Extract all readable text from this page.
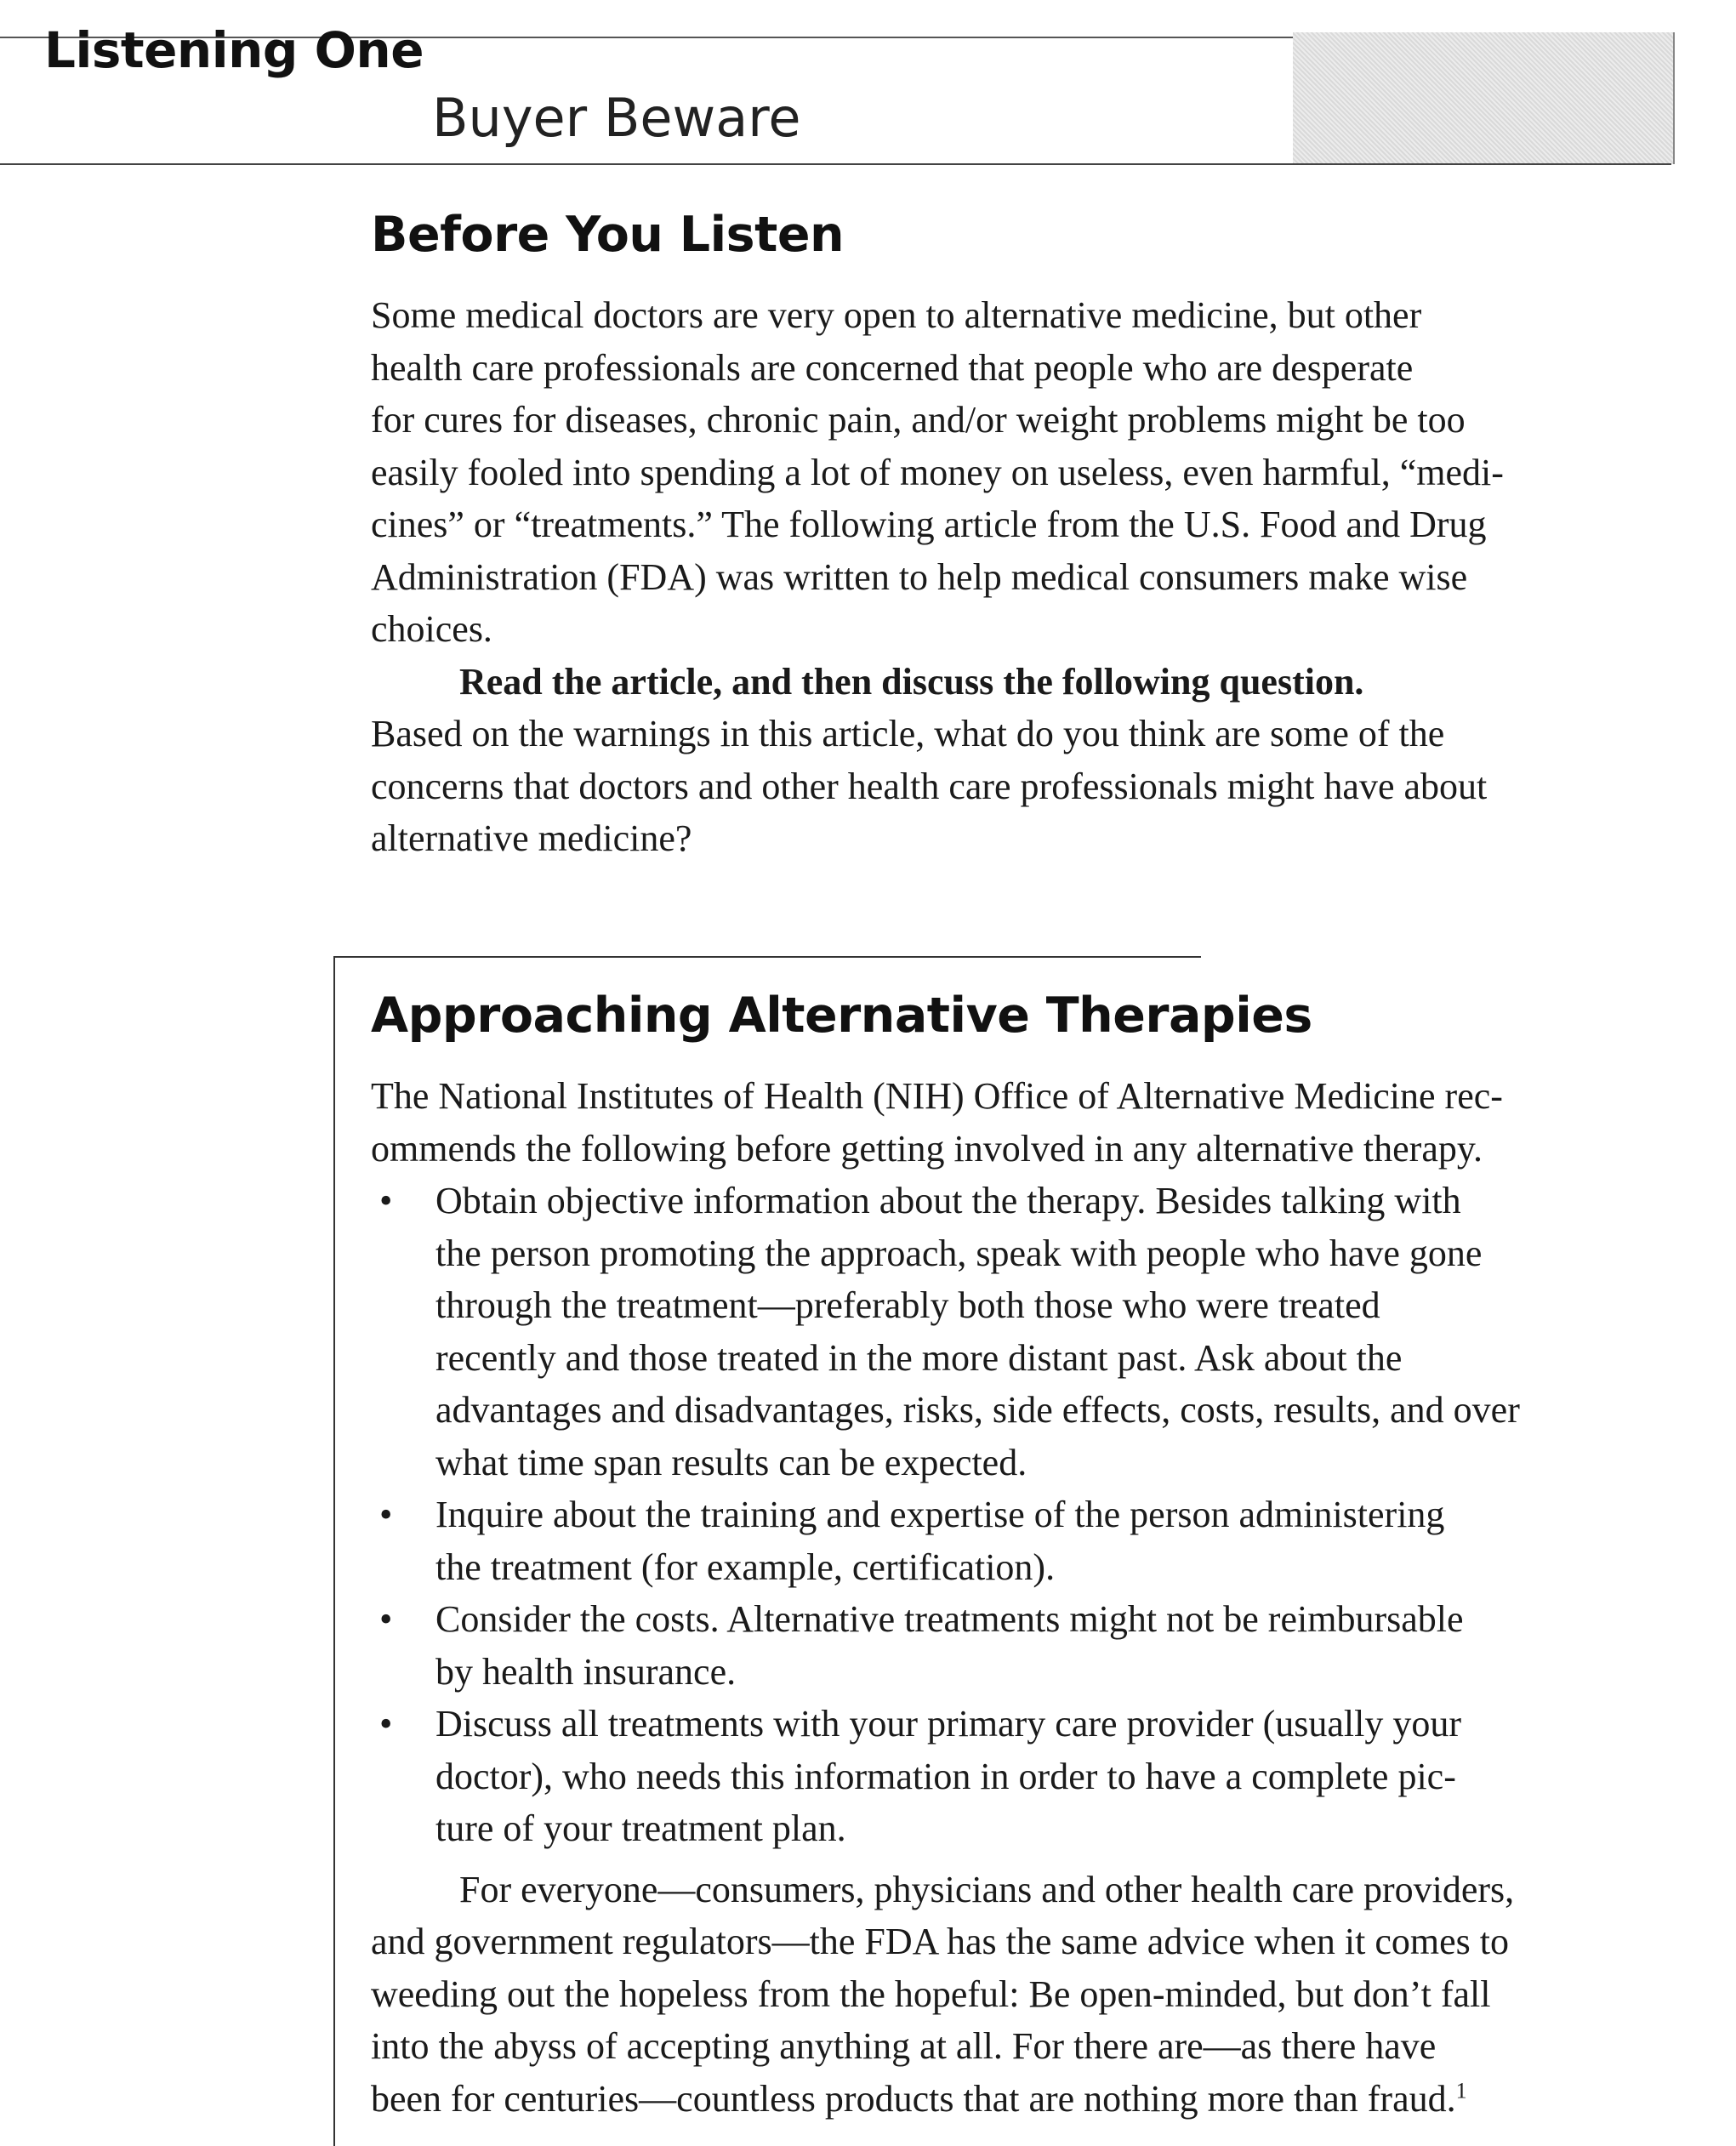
Listening One
Buyer Beware
Before You Listen

Some medical doctors are very open to alternative medicine, but other
health care professionals are concerned that people who are desperate
for cures for diseases, chronic pain, and/or weight problems might be too
easily fooled into spending a lot of money on useless, even harmful, “medi-
cines” or “treatments.” The following article from the U.S. Food and Drug
Administration (FDA) was written to help medical consumers make wise
choices.

Read the article, and then discuss the following question.

Based on the warnings in this article, what do you think are some of the
concerns that doctors and other health care professionals might have about
alternative medicine?

Approaching Alternative Therapies

The National Institutes of Health (NIH) Office of Alternative Medicine rec-
ommends the following before getting involved in any alternative therapy.

• Obtain objective information about the therapy. Besides talking with
the person promoting the approach, speak with people who have gone
through the treatment—preferably both those who were treated
recently and those treated in the more distant past. Ask about the
advantages and disadvantages, risks, side effects, costs, results, and over
what time span results can be expected.
• Inquire about the training and expertise of the person administering
the treatment (for example, certification).
• Consider the costs. Alternative treatments might not be reimbursable
by health insurance.
• Discuss all treatments with your primary care provider (usually your
doctor), who needs this information in order to have a complete pic-
ture of your treatment plan.

For everyone—consumers, physicians and other health care providers,
and government regulators—the FDA has the same advice when it comes to
weeding out the hopeless from the hopeful: Be open-minded, but don’t fall
into the abyss of accepting anything at all. For there are—as there have
been for centuries—countless products that are nothing more than fraud.$^1$
